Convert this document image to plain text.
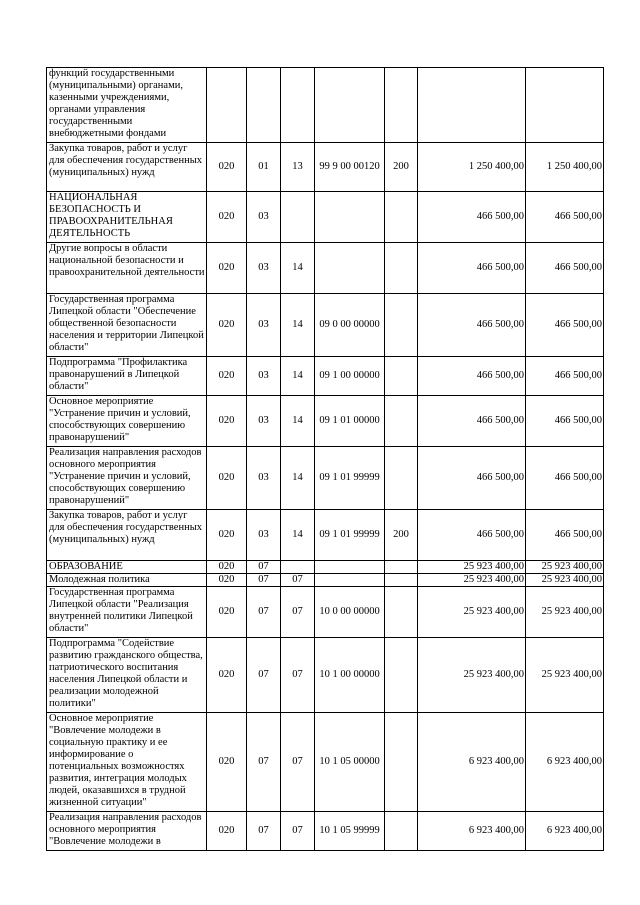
функций государственными (муниципальными) органами, казенными учреждениями, органами управления государственными внебюджетными фондами							
Закупка товаров, работ и услуг для обеспечения государственных (муниципальных) нужд	020	01	13	99 9 00 00120	200	1 250 400,00	1 250 400,00
НАЦИОНАЛЬНАЯ БЕЗОПАСНОСТЬ И ПРАВООХРАНИТЕЛЬНАЯ ДЕЯТЕЛЬНОСТЬ	020	03				466 500,00	466 500,00
Другие вопросы в области национальной безопасности и правоохранительной деятельности	020	03	14			466 500,00	466 500,00
Государственная программа Липецкой области "Обеспечение общественной безопасности населения и территории Липецкой области"	020	03	14	09 0 00 00000		466 500,00	466 500,00
Подпрограмма "Профилактика правонарушений в Липецкой области"	020	03	14	09 1 00 00000		466 500,00	466 500,00
Основное мероприятие "Устранение причин и условий, способствующих совершению правонарушений"	020	03	14	09 1 01 00000		466 500,00	466 500,00
Реализация направления расходов основного мероприятия "Устранение причин и условий, способствующих совершению правонарушений"	020	03	14	09 1 01 99999		466 500,00	466 500,00
Закупка товаров, работ и услуг для обеспечения государственных (муниципальных) нужд	020	03	14	09 1 01 99999	200	466 500,00	466 500,00
ОБРАЗОВАНИЕ	020	07				25 923 400,00	25 923 400,00
Молодежная политика	020	07	07			25 923 400,00	25 923 400,00
Государственная программа Липецкой области "Реализация внутренней политики Липецкой области"	020	07	07	10 0 00 00000		25 923 400,00	25 923 400,00
Подпрограмма "Содействие развитию гражданского общества, патриотического воспитания населения Липецкой области и реализации молодежной политики"	020	07	07	10 1 00 00000		25 923 400,00	25 923 400,00
Основное мероприятие "Вовлечение молодежи в социальную практику и ее информирование о потенциальных возможностях развития, интеграция молодых людей, оказавшихся в трудной жизненной ситуации"	020	07	07	10 1 05 00000		6 923 400,00	6 923 400,00
Реализация направления расходов основного мероприятия "Вовлечение молодежи в	020	07	07	10 1 05 99999		6 923 400,00	6 923 400,00
